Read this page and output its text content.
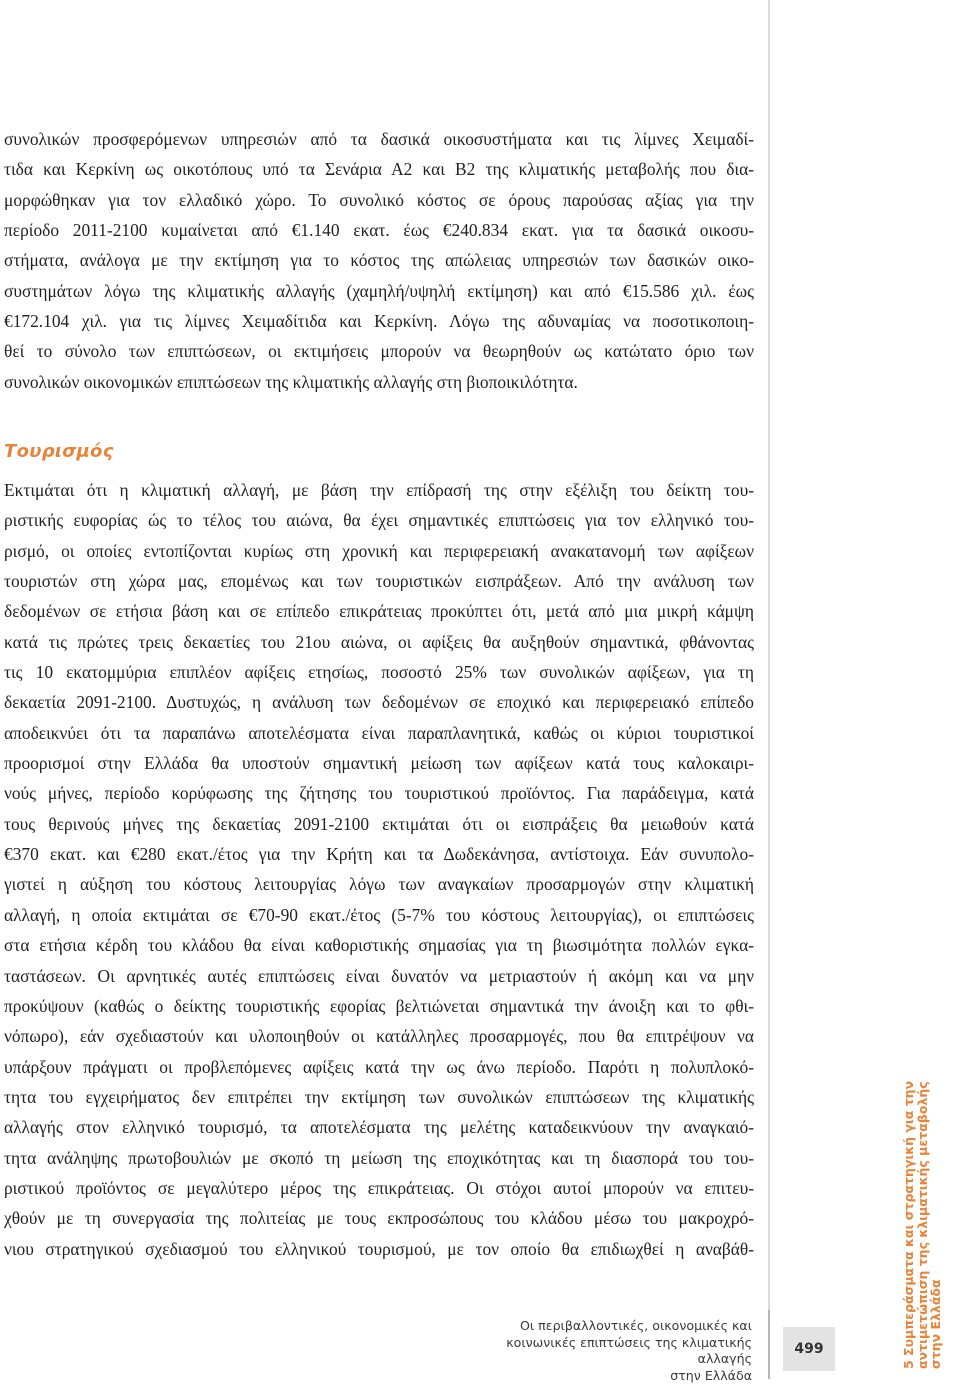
συνολικών προσφερόμενων υπηρεσιών από τα δασικά οικοσυστήματα και τις λίμνες Χειμαδί-
τιδα και Κερκίνη ως οικοτόπους υπό τα Σενάρια Α2 και Β2 της κλιματικής μεταβολής που δια-
μορφώθηκαν για τον ελλαδικό χώρο. Το συνολικό κόστος σε όρους παρούσας αξίας για την
περίοδο 2011-2100 κυμαίνεται από €1.140 εκατ. έως €240.834 εκατ. για τα δασικά οικοσυ-
στήματα, ανάλογα με την εκτίμηση για το κόστος της απώλειας υπηρεσιών των δασικών οικο-
συστημάτων λόγω της κλιματικής αλλαγής (χαμηλή/υψηλή εκτίμηση) και από €15.586 χιλ. έως
€172.104 χιλ. για τις λίμνες Χειμαδίτιδα και Κερκίνη. Λόγω της αδυναμίας να ποσοτικοποιη-
θεί το σύνολο των επιπτώσεων, οι εκτιμήσεις μπορούν να θεωρηθούν ως κατώτατο όριο των
συνολικών οικονομικών επιπτώσεων της κλιματικής αλλαγής στη βιοποικιλότητα.
Τουρισμός
Εκτιμάται ότι η κλιματική αλλαγή, με βάση την επίδρασή της στην εξέλιξη του δείκτη του-
ριστικής ευφορίας ώς το τέλος του αιώνα, θα έχει σημαντικές επιπτώσεις για τον ελληνικό του-
ρισμό, οι οποίες εντοπίζονται κυρίως στη χρονική και περιφερειακή ανακατανομή των αφίξεων
τουριστών στη χώρα μας, επομένως και των τουριστικών εισπράξεων. Από την ανάλυση των
δεδομένων σε ετήσια βάση και σε επίπεδο επικράτειας προκύπτει ότι, μετά από μια μικρή κάμψη
κατά τις πρώτες τρεις δεκαετίες του 21ου αιώνα, οι αφίξεις θα αυξηθούν σημαντικά, φθάνοντας
τις 10 εκατομμύρια επιπλέον αφίξεις ετησίως, ποσοστό 25% των συνολικών αφίξεων, για τη
δεκαετία 2091-2100. Δυστυχώς, η ανάλυση των δεδομένων σε εποχικό και περιφερειακό επίπεδο
αποδεικνύει ότι τα παραπάνω αποτελέσματα είναι παραπλανητικά, καθώς οι κύριοι τουριστικοί
προορισμοί στην Ελλάδα θα υποστούν σημαντική μείωση των αφίξεων κατά τους καλοκαιρι-
νούς μήνες, περίοδο κορύφωσης της ζήτησης του τουριστικού προϊόντος. Για παράδειγμα, κατά
τους θερινούς μήνες της δεκαετίας 2091-2100 εκτιμάται ότι οι εισπράξεις θα μειωθούν κατά
€370 εκατ. και €280 εκατ./έτος για την Κρήτη και τα Δωδεκάνησα, αντίστοιχα. Εάν συνυπολο-
γιστεί η αύξηση του κόστους λειτουργίας λόγω των αναγκαίων προσαρμογών στην κλιματική
αλλαγή, η οποία εκτιμάται σε €70-90 εκατ./έτος (5-7% του κόστους λειτουργίας), οι επιπτώσεις
στα ετήσια κέρδη του κλάδου θα είναι καθοριστικής σημασίας για τη βιωσιμότητα πολλών εγκα-
ταστάσεων. Οι αρνητικές αυτές επιπτώσεις είναι δυνατόν να μετριαστούν ή ακόμη και να μην
προκύψουν (καθώς ο δείκτης τουριστικής εφορίας βελτιώνεται σημαντικά την άνοιξη και το φθι-
νόπωρο), εάν σχεδιαστούν και υλοποιηθούν οι κατάλληλες προσαρμογές, που θα επιτρέψουν να
υπάρξουν πράγματι οι προβλεπόμενες αφίξεις κατά την ως άνω περίοδο. Παρότι η πολυπλοκό-
τητα του εγχειρήματος δεν επιτρέπει την εκτίμηση των συνολικών επιπτώσεων της κλιματικής
αλλαγής στον ελληνικό τουρισμό, τα αποτελέσματα της μελέτης καταδεικνύουν την αναγκαιό-
τητα ανάληψης πρωτοβουλιών με σκοπό τη μείωση της εποχικότητας και τη διασπορά του του-
ριστικού προϊόντος σε μεγαλύτερο μέρος της επικράτειας. Οι στόχοι αυτοί μπορούν να επιτευ-
χθούν με τη συνεργασία της πολιτείας με τους εκπροσώπους του κλάδου μέσω του μακροχρό-
νιου στρατηγικού σχεδιασμού του ελληνικού τουρισμού, με τον οποίο θα επιδιωχθεί η αναβάθ-
Οι περιβαλλοντικές, οικονομικές και
κοινωνικές επιπτώσεις της κλιματικής αλλαγής
στην Ελλάδα
499	5 Συμπεράσματα και στρατηγική για την
αντιμετώπιση της κλιματικής μεταβολής
στην Ελλάδα
